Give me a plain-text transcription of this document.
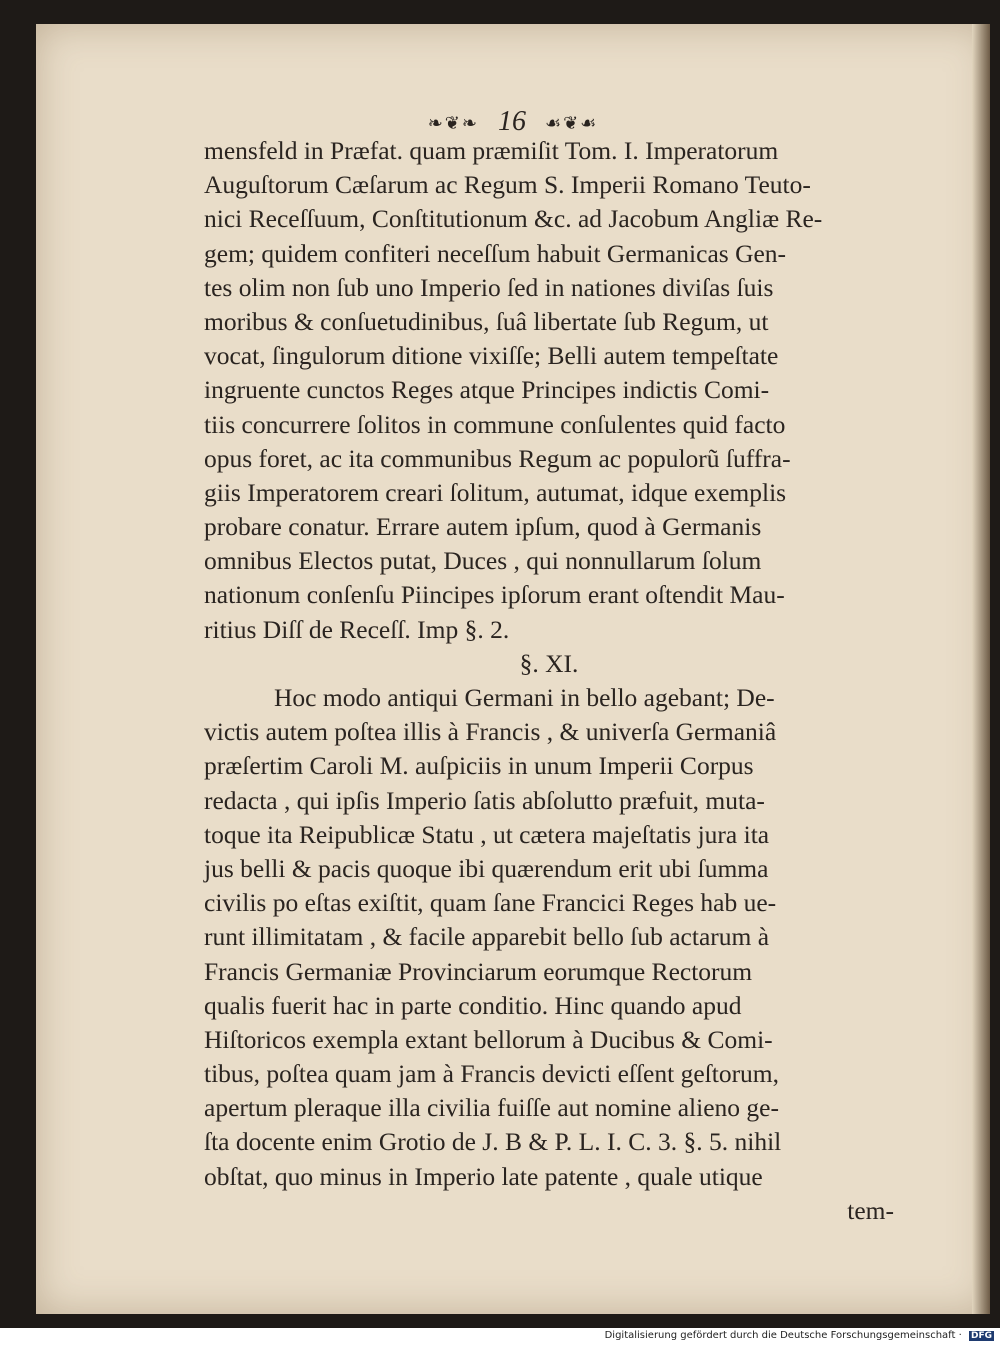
❧❦❧ 16 ☙❦☙
mensfeld in Præfat. quam præmiſit Tom. I. Imperatorum
Auguſtorum Cæſarum ac Regum S. Imperii Romano Teuto-
nici Receſſuum, Conſtitutionum &c. ad Jacobum Angliæ Re-
gem; quidem confiteri neceſſum habuit Germanicas Gen-
tes olim non ſub uno Imperio ſed in nationes diviſas ſuis
moribus & conſuetudinibus, ſuâ libertate ſub Regum, ut
vocat, ſingulorum ditione vixiſſe; Belli autem tempeſtate
ingruente cunctos Reges atque Principes indictis Comi-
tiis concurrere ſolitos in commune conſulentes quid facto
opus foret, ac ita communibus Regum ac populorũ ſuffra-
giis Imperatorem creari ſolitum, autumat, idque exemplis
probare conatur. Errare autem ipſum, quod à Germanis
omnibus Electos putat, Duces , qui nonnullarum ſolum
nationum conſenſu Piincipes ipſorum erant oſtendit Mau-
ritius Diſſ de Receſſ. Imp §. 2.
§. XI.
Hoc modo antiqui Germani in bello agebant; De-
victis autem poſtea illis à Francis , & univerſa Germaniâ
præſertim Caroli M. auſpiciis in unum Imperii Corpus
redacta , qui ipſis Imperio ſatis abſolutto præfuit, muta-
toque ita Reipublicæ Statu , ut cætera majeſtatis jura ita
jus belli & pacis quoque ibi quærendum erit ubi ſumma
civilis po eſtas exiſtit, quam ſane Francici Reges hab ue-
runt illimitatam , & facile apparebit bello ſub actarum à
Francis Germaniæ Provinciarum eorumque Rectorum
qualis fuerit hac in parte conditio. Hinc quando apud
Hiſtoricos exempla extant bellorum à Ducibus & Comi-
tibus, poſtea quam jam à Francis devicti eſſent geſtorum,
apertum pleraque illa civilia fuiſſe aut nomine alieno ge-
ſta docente enim Grotio de J. B & P. L. I. C. 3. §. 5. nihil
obſtat, quo minus in Imperio late patente , quale utique
tem-
Digitalisierung gefördert durch die Deutsche Forschungsgemeinschaft · DFG
